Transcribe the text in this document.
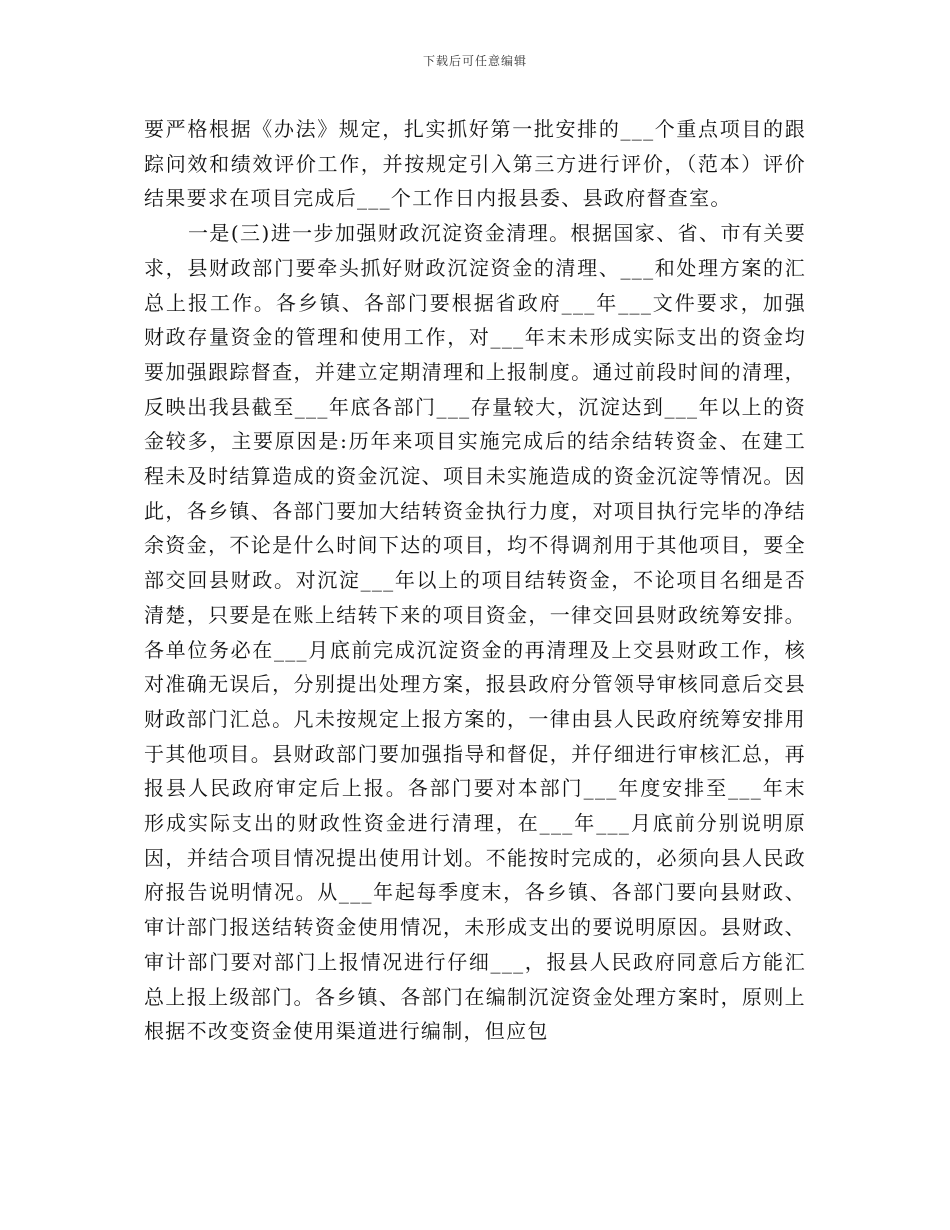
下载后可任意编辑

要严格根据《办法》规定，扎实抓好第一批安排的___个重点项目的跟踪问效和绩效评价工作，并按规定引入第三方进行评价，（范本）评价结果要求在项目完成后___个工作日内报县委、县政府督查室。

一是(三)进一步加强财政沉淀资金清理。根据国家、省、市有关要求，县财政部门要牵头抓好财政沉淀资金的清理、___和处理方案的汇总上报工作。各乡镇、各部门要根据省政府___年___文件要求，加强财政存量资金的管理和使用工作，对___年末未形成实际支出的资金均要加强跟踪督查，并建立定期清理和上报制度。通过前段时间的清理，反映出我县截至___年底各部门___存量较大，沉淀达到___年以上的资金较多，主要原因是:历年来项目实施完成后的结余结转资金、在建工程未及时结算造成的资金沉淀、项目未实施造成的资金沉淀等情况。因此，各乡镇、各部门要加大结转资金执行力度，对项目执行完毕的净结余资金，不论是什么时间下达的项目，均不得调剂用于其他项目，要全部交回县财政。对沉淀___年以上的项目结转资金，不论项目名细是否清楚，只要是在账上结转下来的项目资金，一律交回县财政统筹安排。各单位务必在___月底前完成沉淀资金的再清理及上交县财政工作，核对准确无误后，分别提出处理方案，报县政府分管领导审核同意后交县财政部门汇总。凡未按规定上报方案的，一律由县人民政府统筹安排用于其他项目。县财政部门要加强指导和督促，并仔细进行审核汇总，再报县人民政府审定后上报。各部门要对本部门___年度安排至___年末形成实际支出的财政性资金进行清理，在___年___月底前分别说明原因，并结合项目情况提出使用计划。不能按时完成的，必须向县人民政府报告说明情况。从___年起每季度末，各乡镇、各部门要向县财政、审计部门报送结转资金使用情况，未形成支出的要说明原因。县财政、审计部门要对部门上报情况进行仔细___，报县人民政府同意后方能汇总上报上级部门。各乡镇、各部门在编制沉淀资金处理方案时，原则上根据不改变资金使用渠道进行编制，但应包
